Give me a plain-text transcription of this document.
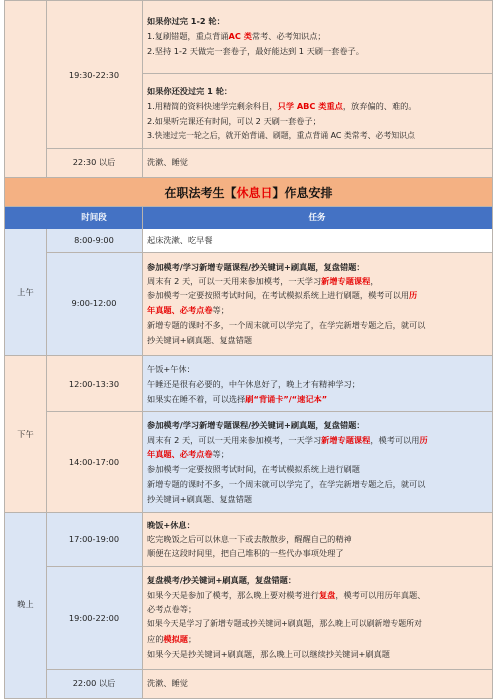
19:30-22:30
如果你过完 1-2 轮：
1.复刷错题，重点背诵AC 类常考、必考知识点；
2.坚持 1-2 天做完一套卷子，最好能达到 1 天刷一套卷子。
如果你还没过完 1 轮：
1.用精简的资料快速学完剩余科目，只学 ABC 类重点，放弃偏的、难的。
2.如果听完课还有时间，可以 2 天刷一套卷子；
3.快速过完一轮之后，就开始背诵、刷题，重点背诵 AC 类常考、必考知识点
22:30 以后	洗漱、睡觉
在职法考生【休息日】作息安排
时间段	任务
上午
8:00-9:00	起床洗漱、吃早餐
9:00-12:00
参加模考/学习新增专题课程/抄关键词+刷真题，复盘错题：
周末有 2 天，可以一天用来参加模考，一天学习新增专题课程，
参加模考一定要按照考试时间，在考试模拟系统上进行刷题，模考可以用历
年真题、必考点卷等；
新增专题的课时不多，一个周末就可以学完了，在学完新增专题之后，就可以
抄关键词+刷真题、复盘错题
下午
12:00-13:30
午饭+午休：
午睡还是很有必要的，中午休息好了，晚上才有精神学习；
如果实在睡不着，可以选择刷“背诵卡”/“速记本”
14:00-17:00
参加模考/学习新增专题课程/抄关键词+刷真题，复盘错题：
周末有 2 天，可以一天用来参加模考，一天学习新增专题课程，模考可以用历
年真题、必考点卷等；
参加模考一定要按照考试时间，在考试模拟系统上进行刷题
新增专题的课时不多，一个周末就可以学完了，在学完新增专题之后，就可以
抄关键词+刷真题、复盘错题
晚上
17:00-19:00
晚饭+休息：
吃完晚饭之后可以休息一下或去散散步，醒醒自己的精神
顺便在这段时间里，把自己堆积的一些代办事项处理了
19:00-22:00
复盘模考/抄关键词+刷真题，复盘错题：
如果今天是参加了模考，那么晚上要对模考进行复盘，模考可以用历年真题、
必考点卷等；
如果今天是学习了新增专题或抄关键词+刷真题，那么晚上可以刷新增专题所对
应的模拟题；
如果今天是抄关键词+刷真题，那么晚上可以继续抄关键词+刷真题
22:00 以后	洗漱、睡觉
